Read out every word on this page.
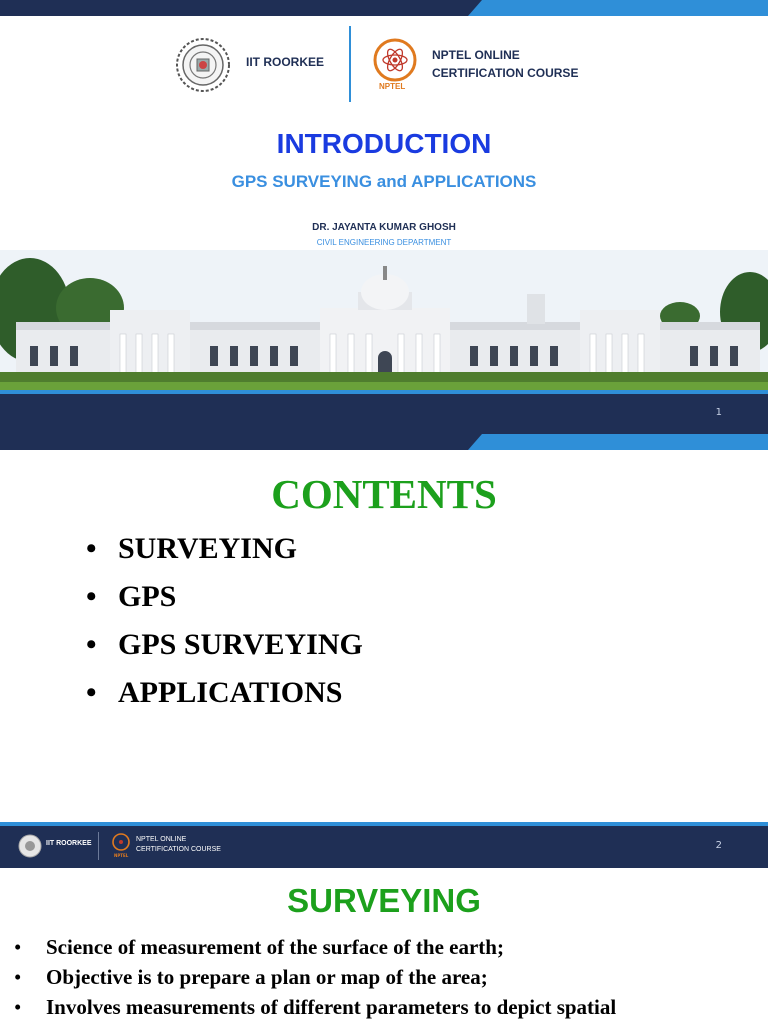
IIT ROORKEE
NPTEL
NPTEL ONLINE
CERTIFICATION COURSE
INTRODUCTION
GPS SURVEYING and APPLICATIONS
DR. JAYANTA KUMAR GHOSH
CIVIL ENGINEERING DEPARTMENT
1
CONTENTS
• SURVEYING
• GPS
• GPS SURVEYING
• APPLICATIONS
IIT ROORKEE
NPTEL
NPTEL ONLINE
CERTIFICATION COURSE	2
SURVEYING
• Science of measurement of the surface of the earth;
• Objective is to prepare a plan or map of the area;
• Involves measurements of different parameters to depict spatial
